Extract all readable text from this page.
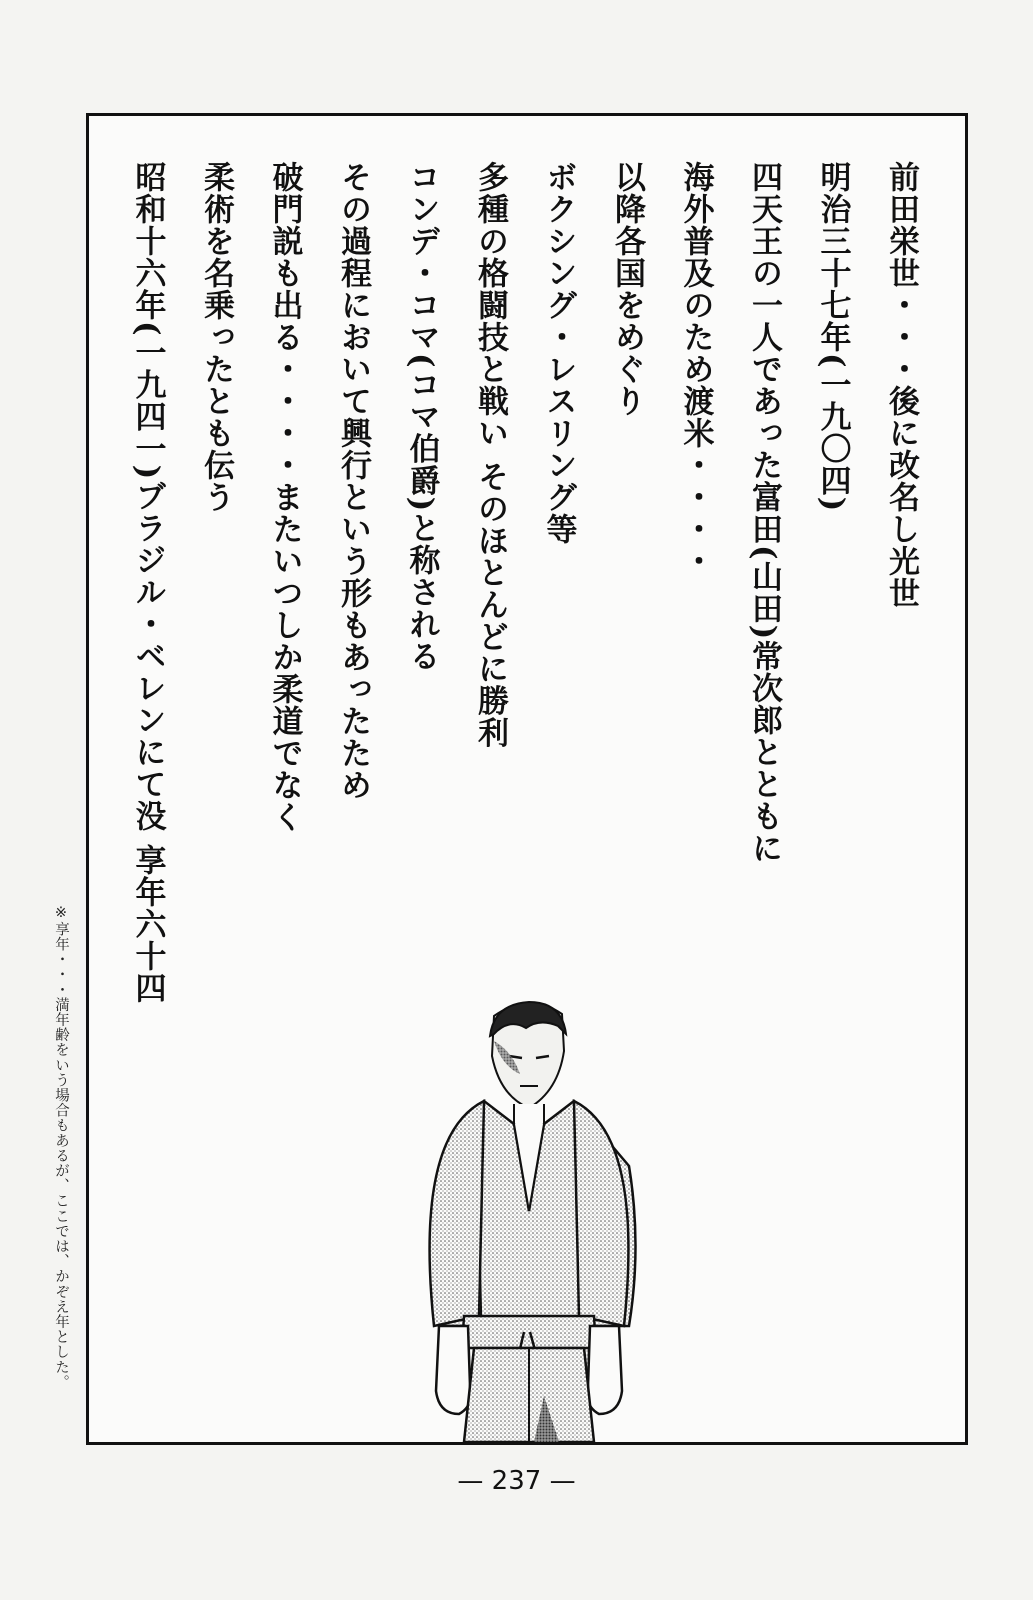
前田栄世・・・後に改名し光世
明治三十七年(一九〇四)
四天王の一人であった富田(山田)常次郎とともに
海外普及のため渡米・・・・
以降各国をめぐり
ボクシング・レスリング等
多種の格闘技と戦い そのほとんどに勝利
コンデ・コマ(コマ伯爵)と称される
その過程において興行という形もあったため
破門説も出る・・・・またいつしか柔道でなく
柔術を名乗ったとも伝う
昭和十六年(一九四一)ブラジル・ベレンにて没 享年六十四
※享年・・・満年齢をいう場合もあるが、ここでは、かぞえ年とした。
— 237 —
